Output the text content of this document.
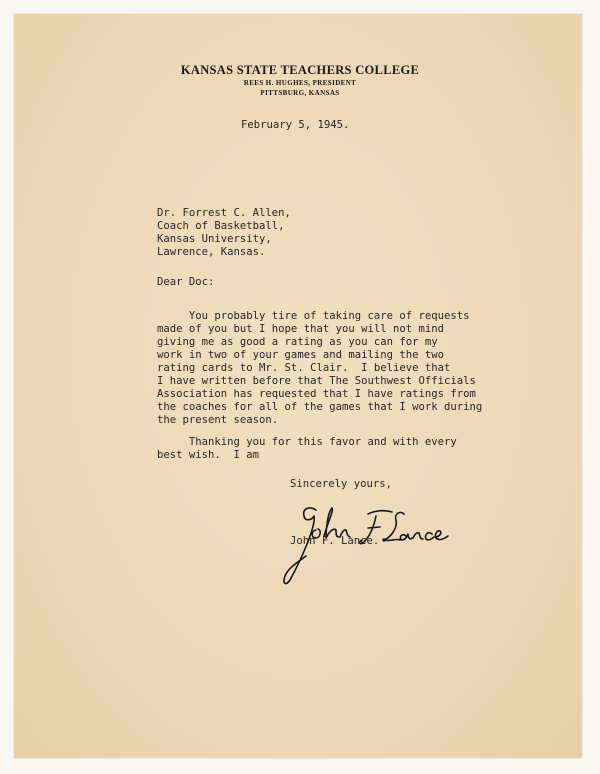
KANSAS STATE TEACHERS COLLEGE
REES H. HUGHES, PRESIDENT
PITTSBURG, KANSAS
February 5, 1945.
Dr. Forrest C. Allen,
Coach of Basketball,
Kansas University,
Lawrence, Kansas.
Dear Doc:
You probably tire of taking care of requests
made of you but I hope that you will not mind
giving me as good a rating as you can for my
work in two of your games and mailing the two
rating cards to Mr. St. Clair.  I believe that
I have written before that The Southwest Officials
Association has requested that I have ratings from
the coaches for all of the games that I work during
the present season.
Thanking you for this favor and with every
best wish.  I am
Sincerely yours,
John F. Lance.
